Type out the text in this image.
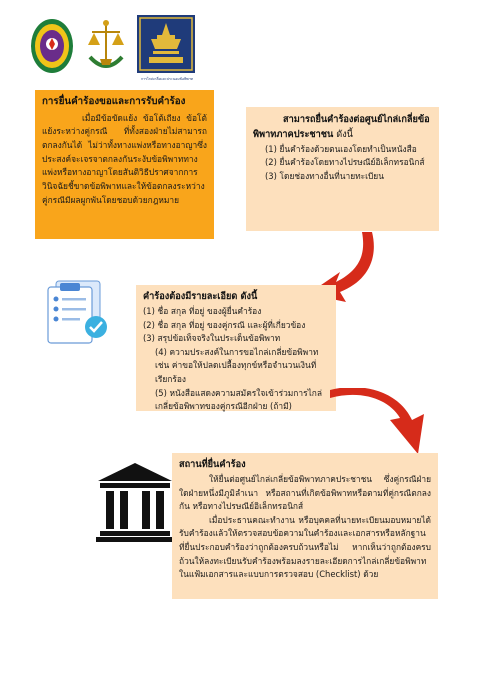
การไกล่เกลี่ยและประนอมข้อพิพาท

การยื่นคำร้องขอและการรับคำร้อง

เมื่อมีข้อขัดแย้ง ข้อโต้เถียง ข้อโต้แย้งระหว่างคู่กรณี ที่ทั้งสองฝ่ายไม่สามารถตกลงกันได้ ไม่ว่าทั้งทางแพ่งหรือทางอาญาซึ่งประสงค์จะเจรจาตกลงกันระงับข้อพิพาททางแพ่งหรือทางอาญาโดยสันติวิธีปราศจากการวินิจฉัยชี้ขาดข้อพิพาทและให้ข้อตกลงระหว่างคู่กรณีมีผลผูกพันโดยชอบด้วยกฎหมาย

สามารถยื่นคำร้องต่อศูนย์ไกล่เกลี่ยข้อพิพาทภาคประชาชน ดังนี้

(1) ยื่นคำร้องด้วยตนเองโดยทำเป็นหนังสือ

(2) ยื่นคำร้องโดยทางไปรษณีย์อิเล็กทรอนิกส์

(3) โดยช่องทางอื่นที่นายทะเบียน

คำร้องต้องมีรายละเอียด ดังนี้

(1) ชื่อ สกุล ที่อยู่ ของผู้ยื่นคำร้อง

(2) ชื่อ สกุล ที่อยู่ ของคู่กรณี และผู้ที่เกี่ยวข้อง

(3) สรุปข้อเท็จจริงในประเด็นข้อพิพาท

(4) ความประสงค์ในการขอไกล่เกลี่ยข้อพิพาท เช่น ค่าขอให้ปลดเปลื้องทุกข์หรือจำนวนเงินที่เรียกร้อง

(5) หนังสือแสดงความสมัครใจเข้าร่วมการไกล่เกลี่ยข้อพิพาทของคู่กรณีอีกฝ่าย (ถ้ามี)

สถานที่ยื่นคำร้อง

ให้ยื่นต่อศูนย์ไกล่เกลี่ยข้อพิพาทภาคประชาชน ซึ่งคู่กรณีฝ่ายใดฝ่ายหนึ่งมีภูมิลำเนา หรือสถานที่เกิดข้อพิพาทหรือตามที่คู่กรณีตกลงกัน หรือทางไปรษณีย์อิเล็กทรอนิกส์

เมื่อประธานคณะทำงาน หรือบุคคลที่นายทะเบียนมอบหมายได้รับคำร้องแล้วให้ตรวจสอบข้อความในคำร้องและเอกสารหรือหลักฐานที่ยื่นประกอบคำร้องว่าถูกต้องครบถ้วนหรือไม่ หากเห็นว่าถูกต้องครบถ้วนให้ลงทะเบียนรับคำร้องพร้อมลงรายละเอียดการไกล่เกลี่ยข้อพิพาทในแฟ้มเอกสารและแบบการตรวจสอบ (Checklist) ด้วย
